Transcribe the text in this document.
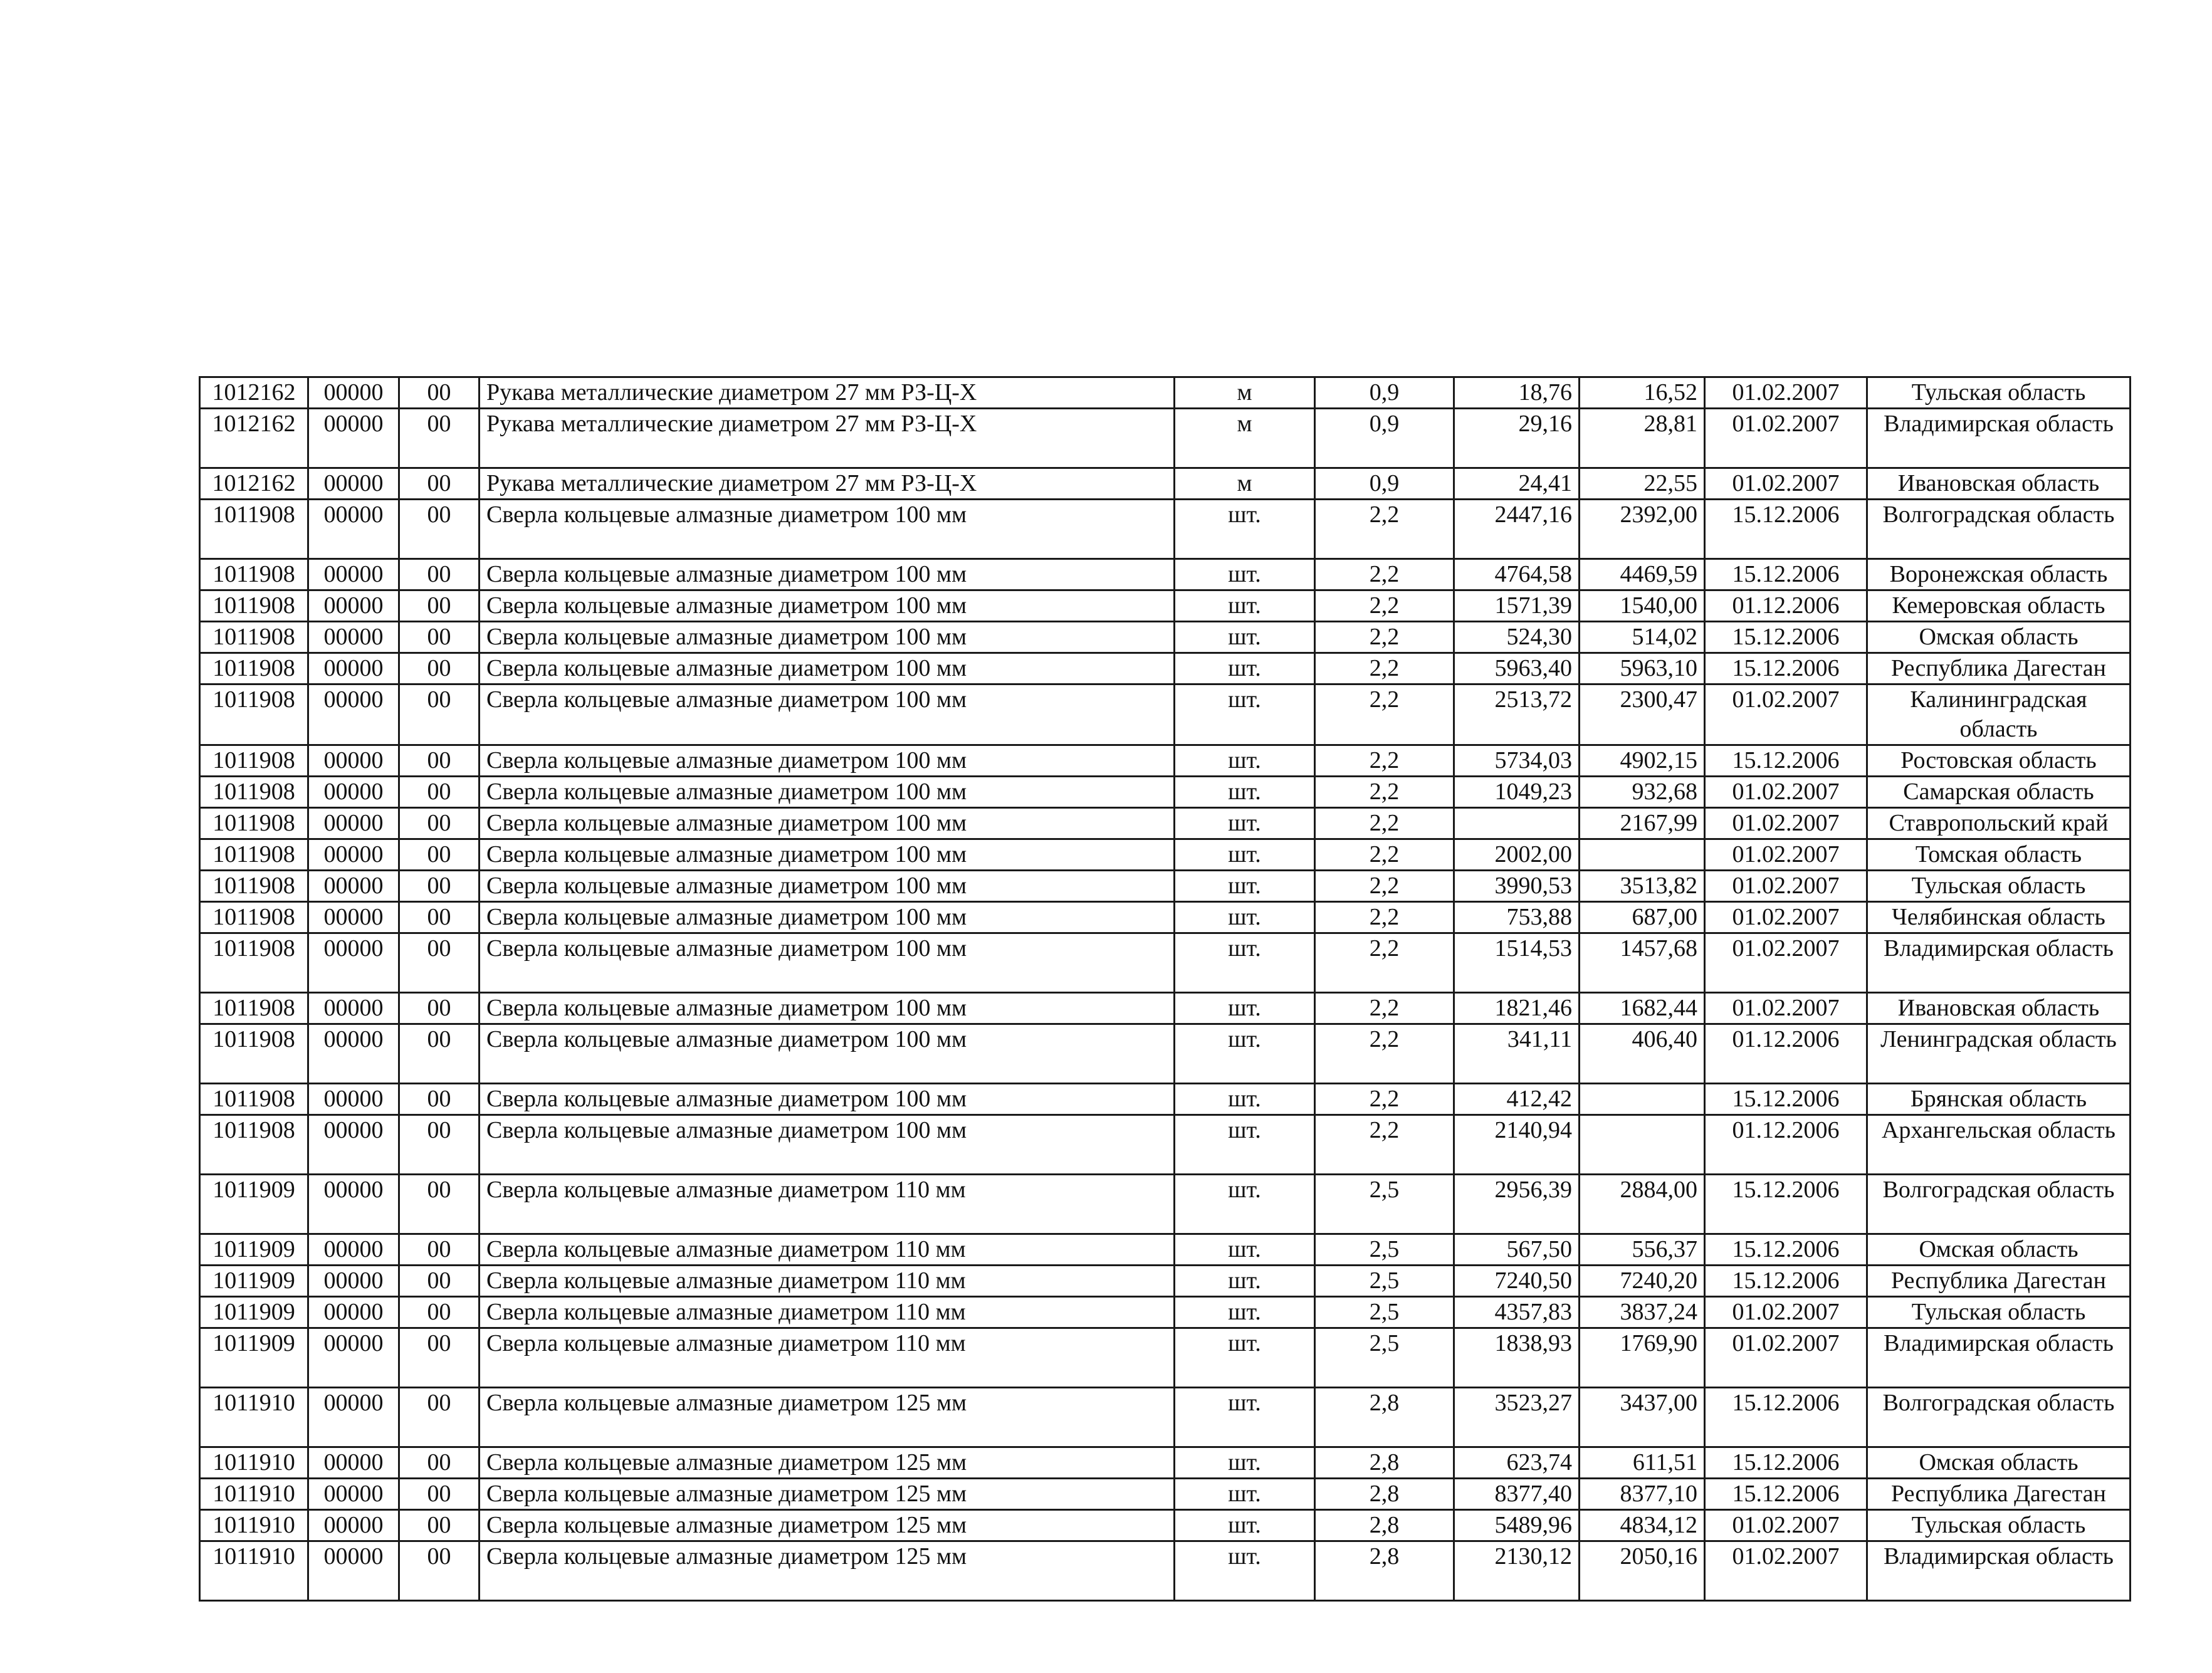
1012162	00000	00	Рукава металлические диаметром 27 мм РЗ-Ц-Х	м	0,9	18,76	16,52	01.02.2007	Тульская область
1012162	00000	00	Рукава металлические диаметром 27 мм РЗ-Ц-Х	м	0,9	29,16	28,81	01.02.2007	Владимирская область
1012162	00000	00	Рукава металлические диаметром 27 мм РЗ-Ц-Х	м	0,9	24,41	22,55	01.02.2007	Ивановская область
1011908	00000	00	Сверла кольцевые алмазные диаметром 100 мм	шт.	2,2	2447,16	2392,00	15.12.2006	Волгоградская область
1011908	00000	00	Сверла кольцевые алмазные диаметром 100 мм	шт.	2,2	4764,58	4469,59	15.12.2006	Воронежская область
1011908	00000	00	Сверла кольцевые алмазные диаметром 100 мм	шт.	2,2	1571,39	1540,00	01.12.2006	Кемеровская область
1011908	00000	00	Сверла кольцевые алмазные диаметром 100 мм	шт.	2,2	524,30	514,02	15.12.2006	Омская область
1011908	00000	00	Сверла кольцевые алмазные диаметром 100 мм	шт.	2,2	5963,40	5963,10	15.12.2006	Республика Дагестан
1011908	00000	00	Сверла кольцевые алмазные диаметром 100 мм	шт.	2,2	2513,72	2300,47	01.02.2007	Калининградская область
1011908	00000	00	Сверла кольцевые алмазные диаметром 100 мм	шт.	2,2	5734,03	4902,15	15.12.2006	Ростовская область
1011908	00000	00	Сверла кольцевые алмазные диаметром 100 мм	шт.	2,2	1049,23	932,68	01.02.2007	Самарская область
1011908	00000	00	Сверла кольцевые алмазные диаметром 100 мм	шт.	2,2		2167,99	01.02.2007	Ставропольский край
1011908	00000	00	Сверла кольцевые алмазные диаметром 100 мм	шт.	2,2	2002,00		01.02.2007	Томская область
1011908	00000	00	Сверла кольцевые алмазные диаметром 100 мм	шт.	2,2	3990,53	3513,82	01.02.2007	Тульская область
1011908	00000	00	Сверла кольцевые алмазные диаметром 100 мм	шт.	2,2	753,88	687,00	01.02.2007	Челябинская область
1011908	00000	00	Сверла кольцевые алмазные диаметром 100 мм	шт.	2,2	1514,53	1457,68	01.02.2007	Владимирская область
1011908	00000	00	Сверла кольцевые алмазные диаметром 100 мм	шт.	2,2	1821,46	1682,44	01.02.2007	Ивановская область
1011908	00000	00	Сверла кольцевые алмазные диаметром 100 мм	шт.	2,2	341,11	406,40	01.12.2006	Ленинградская область
1011908	00000	00	Сверла кольцевые алмазные диаметром 100 мм	шт.	2,2	412,42		15.12.2006	Брянская область
1011908	00000	00	Сверла кольцевые алмазные диаметром 100 мм	шт.	2,2	2140,94		01.12.2006	Архангельская область
1011909	00000	00	Сверла кольцевые алмазные диаметром 110 мм	шт.	2,5	2956,39	2884,00	15.12.2006	Волгоградская область
1011909	00000	00	Сверла кольцевые алмазные диаметром 110 мм	шт.	2,5	567,50	556,37	15.12.2006	Омская область
1011909	00000	00	Сверла кольцевые алмазные диаметром 110 мм	шт.	2,5	7240,50	7240,20	15.12.2006	Республика Дагестан
1011909	00000	00	Сверла кольцевые алмазные диаметром 110 мм	шт.	2,5	4357,83	3837,24	01.02.2007	Тульская область
1011909	00000	00	Сверла кольцевые алмазные диаметром 110 мм	шт.	2,5	1838,93	1769,90	01.02.2007	Владимирская область
1011910	00000	00	Сверла кольцевые алмазные диаметром 125 мм	шт.	2,8	3523,27	3437,00	15.12.2006	Волгоградская область
1011910	00000	00	Сверла кольцевые алмазные диаметром 125 мм	шт.	2,8	623,74	611,51	15.12.2006	Омская область
1011910	00000	00	Сверла кольцевые алмазные диаметром 125 мм	шт.	2,8	8377,40	8377,10	15.12.2006	Республика Дагестан
1011910	00000	00	Сверла кольцевые алмазные диаметром 125 мм	шт.	2,8	5489,96	4834,12	01.02.2007	Тульская область
1011910	00000	00	Сверла кольцевые алмазные диаметром 125 мм	шт.	2,8	2130,12	2050,16	01.02.2007	Владимирская область
